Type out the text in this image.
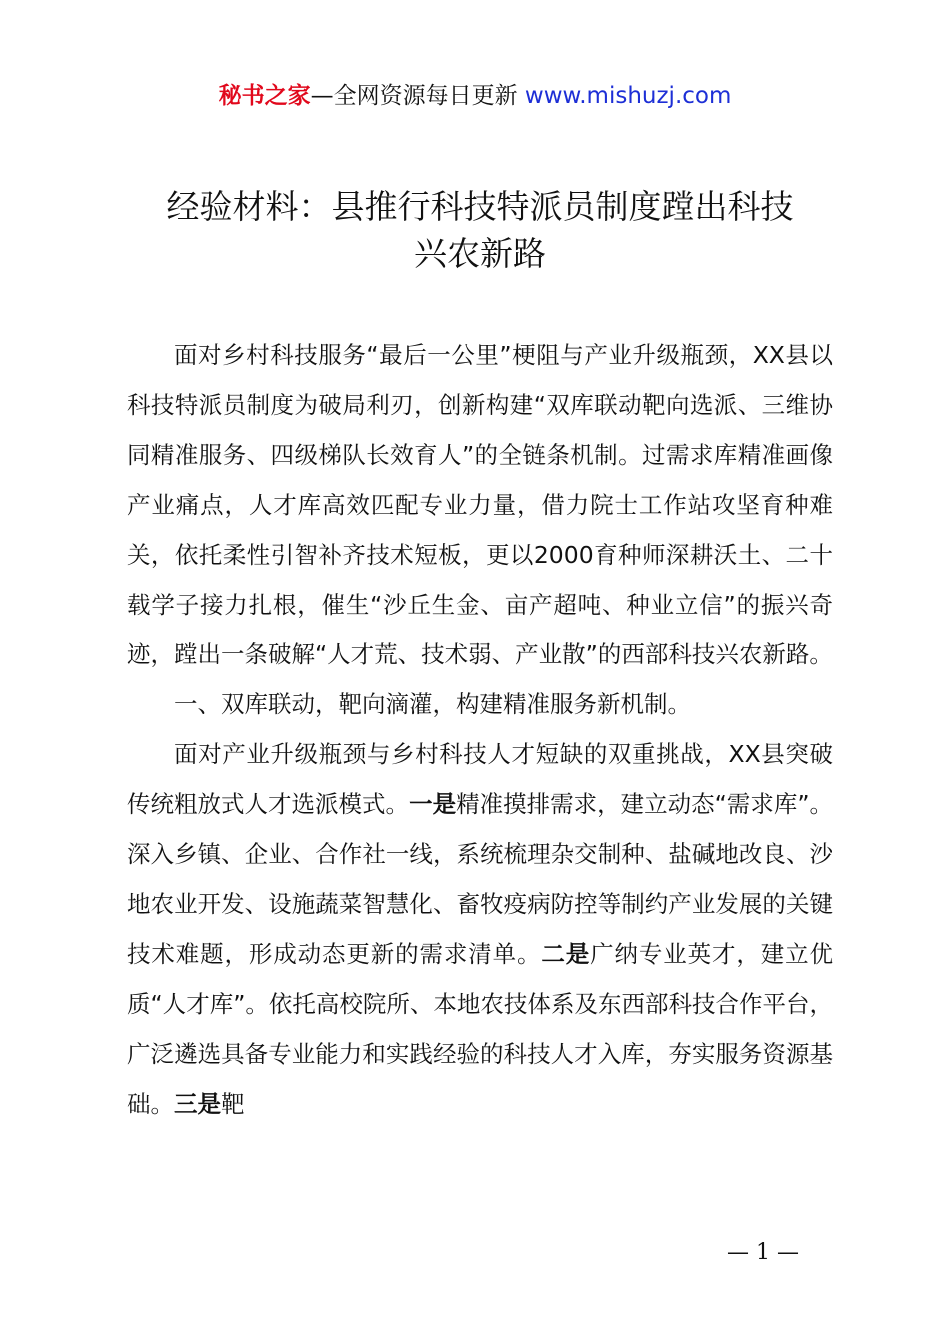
秘书之家—全网资源每日更新 www.mishuzj.com
经验材料：县推行科技特派员制度蹚出科技
兴农新路

面对乡村科技服务“最后一公里”梗阻与产业升级瓶颈，XX县以科技特派员制度为破局利刃，创新构建“双库联动靶向选派、三维协同精准服务、四级梯队长效育人”的全链条机制。过需求库精准画像产业痛点，人才库高效匹配专业力量，借力院士工作站攻坚育种难关，依托柔性引智补齐技术短板，更以2000育种师深耕沃土、二十载学子接力扎根，催生“沙丘生金、亩产超吨、种业立信”的振兴奇迹，蹚出一条破解“人才荒、技术弱、产业散”的西部科技兴农新路。

一、双库联动，靶向滴灌，构建精准服务新机制。

面对产业升级瓶颈与乡村科技人才短缺的双重挑战，XX县突破传统粗放式人才选派模式。一是精准摸排需求，建立动态“需求库”。深入乡镇、企业、合作社一线，系统梳理杂交制种、盐碱地改良、沙地农业开发、设施蔬菜智慧化、畜牧疫病防控等制约产业发展的关键技术难题，形成动态更新的需求清单。二是广纳专业英才，建立优质“人才库”。依托高校院所、本地农技体系及东西部科技合作平台，广泛遴选具备专业能力和实践经验的科技人才入库，夯实服务资源基础。三是靶

— 1 —
